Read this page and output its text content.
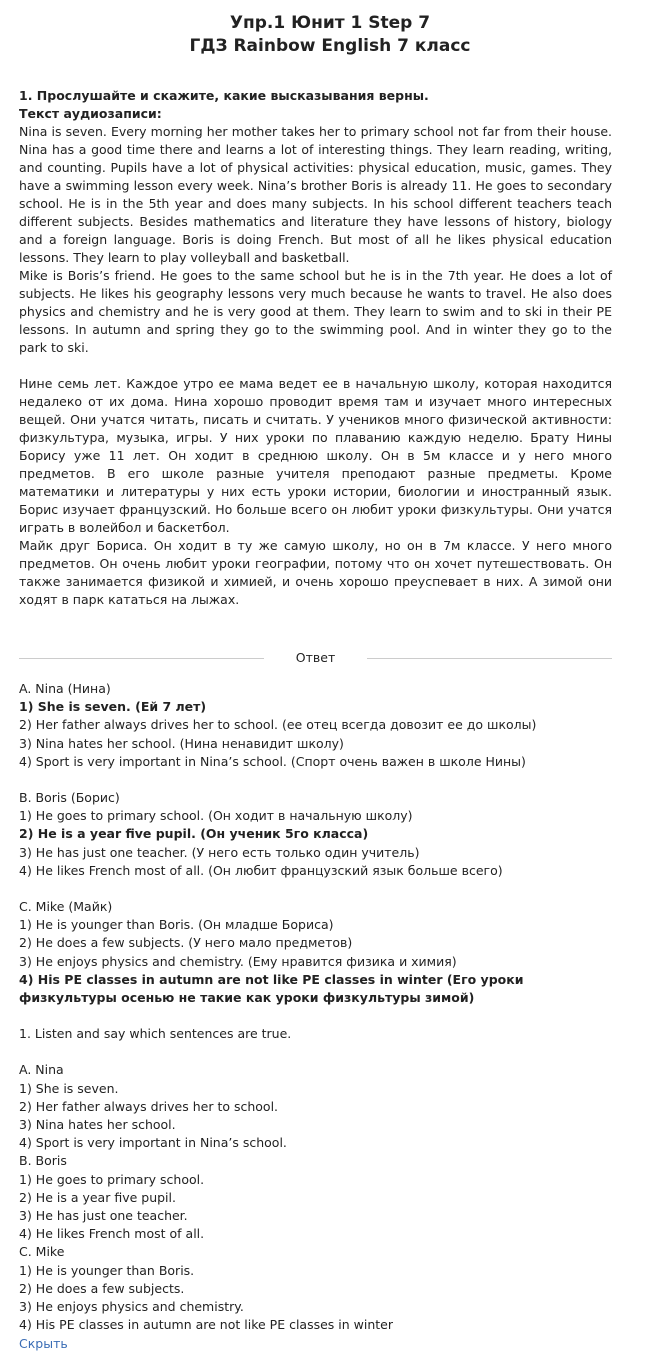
Упр.1 Юнит 1 Step 7
ГДЗ Rainbow English 7 класс
1. Прослушайте и скажите, какие высказывания верны.
Текст аудиозаписи:

Nina is seven. Every morning her mother takes her to primary school not far from their house. Nina has a good time there and learns a lot of interesting things. They learn reading, writing, and counting. Pupils have a lot of physical activities: physical education, music, games. They have a swimming lesson every week. Nina’s brother Boris is already 11. He goes to secondary school. He is in the 5th year and does many subjects. In his school different teachers teach different subjects. Besides mathematics and literature they have lessons of history, biology and a foreign language. Boris is doing French. But most of all he likes physical education lessons. They learn to play volleyball and basketball.

Mike is Boris’s friend. He goes to the same school but he is in the 7th year. He does a lot of subjects. He likes his geography lessons very much because he wants to travel. He also does physics and chemistry and he is very good at them. They learn to swim and to ski in their PE lessons. In autumn and spring they go to the swimming pool. And in winter they go to the park to ski.

Нине семь лет. Каждое утро ее мама ведет ее в начальную школу, которая находится недалеко от их дома. Нина хорошо проводит время там и изучает много интересных вещей. Они учатся читать, писать и считать. У учеников много физической активности: физкультура, музыка, игры. У них уроки по плаванию каждую неделю. Брату Нины Борису уже 11 лет. Он ходит в среднюю школу. Он в 5м классе и у него много предметов. В его школе разные учителя преподают разные предметы. Кроме математики и литературы у них есть уроки истории, биологии и иностранный язык. Борис изучает французский. Но больше всего он любит уроки физкультуры. Они учатся играть в волейбол и баскетбол.

Майк друг Бориса. Он ходит в ту же самую школу, но он в 7м классе. У него много предметов. Он очень любит уроки географии, потому что он хочет путешествовать. Он также занимается физикой и химией, и очень хорошо преуспевает в них. А зимой они ходят в парк кататься на лыжах.

Ответ
A. Nina (Нина)
1) She is seven. (Ей 7 лет)
2) Her father always drives her to school. (ее отец всегда довозит ее до школы)
3) Nina hates her school. (Нина ненавидит школу)
4) Sport is very important in Nina’s school. (Спорт очень важен в школе Нины)
B. Boris (Борис)
1) He goes to primary school. (Он ходит в начальную школу)
2) He is a year five pupil. (Он ученик 5го класса)
3) He has just one teacher. (У него есть только один учитель)
4) He likes French most of all. (Он любит французский язык больше всего)
C. Mike (Майк)
1) He is younger than Boris. (Он младше Бориса)
2) He does a few subjects. (У него мало предметов)
3) He enjoys physics and chemistry. (Ему нравится физика и химия)
4) His PE classes in autumn are not like PE classes in winter (Его уроки физкультуры осенью не такие как уроки физкультуры зимой)
1. Listen and say which sentences are true.
A. Nina
1) She is seven.
2) Her father always drives her to school.
3) Nina hates her school.
4) Sport is very important in Nina’s school.
B. Boris
1) He goes to primary school.
2) He is a year five pupil.
3) He has just one teacher.
4) He likes French most of all.
C. Mike
1) He is younger than Boris.
2) He does a few subjects.
3) He enjoys physics and chemistry.
4) His PE classes in autumn are not like PE classes in winter
Скрыть
